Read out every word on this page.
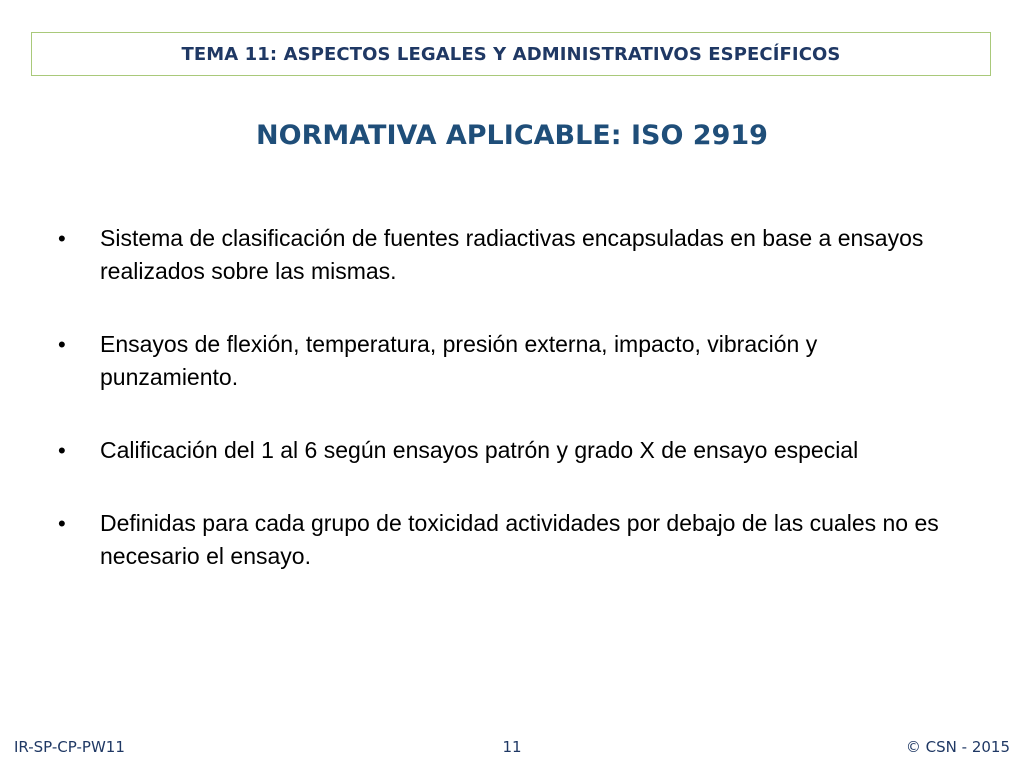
TEMA 11: ASPECTOS LEGALES Y ADMINISTRATIVOS ESPECÍFICOS
NORMATIVA APLICABLE: ISO 2919
•	Sistema de clasificación de fuentes radiactivas encapsuladas en base a ensayos realizados sobre las mismas.
•	Ensayos de flexión, temperatura, presión externa, impacto, vibración y punzamiento.
•	Calificación del 1 al 6 según ensayos patrón y grado X de ensayo especial
•	Definidas para cada grupo de toxicidad actividades por debajo de las cuales no es necesario el ensayo.
IR-SP-CP-PW11	11	© CSN - 2015
